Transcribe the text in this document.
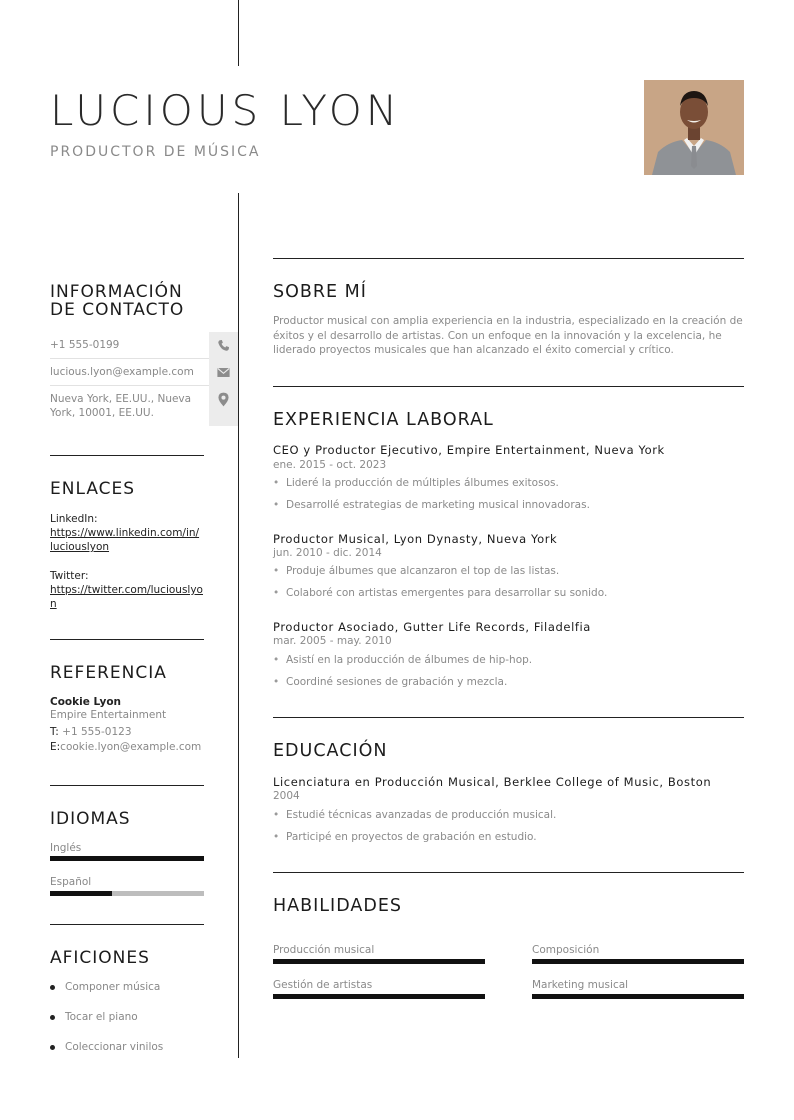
LUCIOUS LYON
PRODUCTOR DE MÚSICA
INFORMACIÓN
DE CONTACTO
+1 555-0199
lucious.lyon@example.com
Nueva York, EE.UU., Nueva York, 10001, EE.UU.
ENLACES
LinkedIn:
https://www.linkedin.com/in/luciouslyon
Twitter:
https://twitter.com/luciouslyon
REFERENCIA
Cookie Lyon
Empire Entertainment
T: +1 555-0123
E:cookie.lyon@example.com
IDIOMAS
Inglés
Español
AFICIONES
Componer música
Tocar el piano
Coleccionar vinilos
SOBRE MÍ
Productor musical con amplia experiencia en la industria, especializado en la creación de éxitos y el desarrollo de artistas. Con un enfoque en la innovación y la excelencia, he liderado proyectos musicales que han alcanzado el éxito comercial y crítico.
EXPERIENCIA LABORAL
CEO y Productor Ejecutivo, Empire Entertainment, Nueva York
ene. 2015 - oct. 2023
• Lideré la producción de múltiples álbumes exitosos.
• Desarrollé estrategias de marketing musical innovadoras.
Productor Musical, Lyon Dynasty, Nueva York
jun. 2010 - dic. 2014
• Produje álbumes que alcanzaron el top de las listas.
• Colaboré con artistas emergentes para desarrollar su sonido.
Productor Asociado, Gutter Life Records, Filadelfia
mar. 2005 - may. 2010
• Asistí en la producción de álbumes de hip-hop.
• Coordiné sesiones de grabación y mezcla.
EDUCACIÓN
Licenciatura en Producción Musical, Berklee College of Music, Boston
2004
• Estudié técnicas avanzadas de producción musical.
• Participé en proyectos de grabación en estudio.
HABILIDADES
Producción musical	Composición
Gestión de artistas	Marketing musical
